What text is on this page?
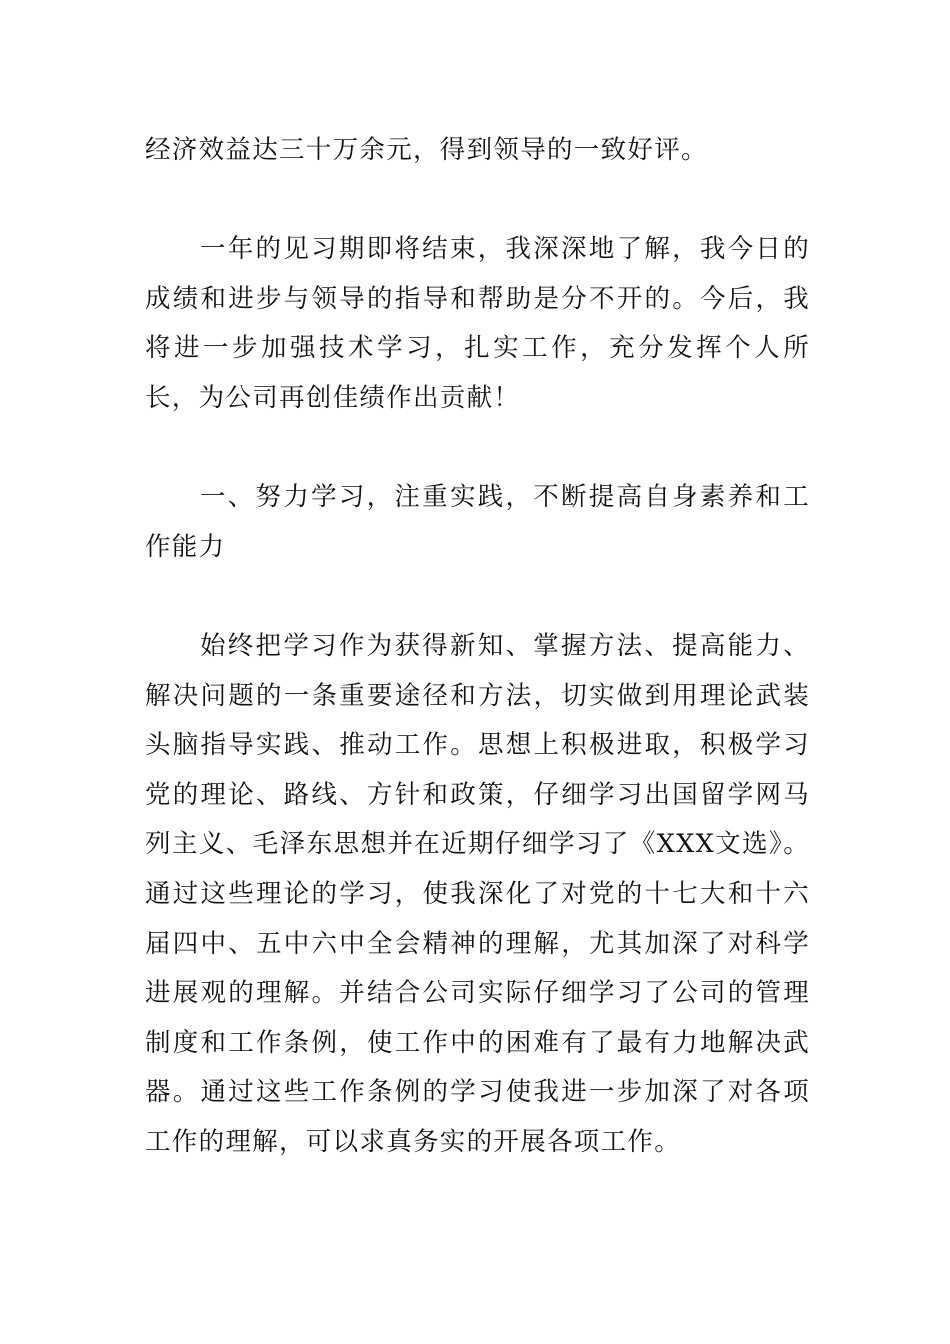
经济效益达三十万余元，得到领导的一致好评。

一年的见习期即将结束，我深深地了解，我今日的成绩和进步与领导的指导和帮助是分不开的。今后，我将进一步加强技术学习，扎实工作，充分发挥个人所长，为公司再创佳绩作出贡献！

一、努力学习，注重实践，不断提高自身素养和工作能力

始终把学习作为获得新知、掌握方法、提高能力、解决问题的一条重要途径和方法，切实做到用理论武装头脑指导实践、推动工作。思想上积极进取，积极学习党的理论、路线、方针和政策，仔细学习出国留学网马列主义、毛泽东思想并在近期仔细学习了《XXX文选》。通过这些理论的学习，使我深化了对党的十七大和十六届四中、五中六中全会精神的理解，尤其加深了对科学进展观的理解。并结合公司实际仔细学习了公司的管理制度和工作条例，使工作中的困难有了最有力地解决武器。通过这些工作条例的学习使我进一步加深了对各项工作的理解，可以求真务实的开展各项工作。
